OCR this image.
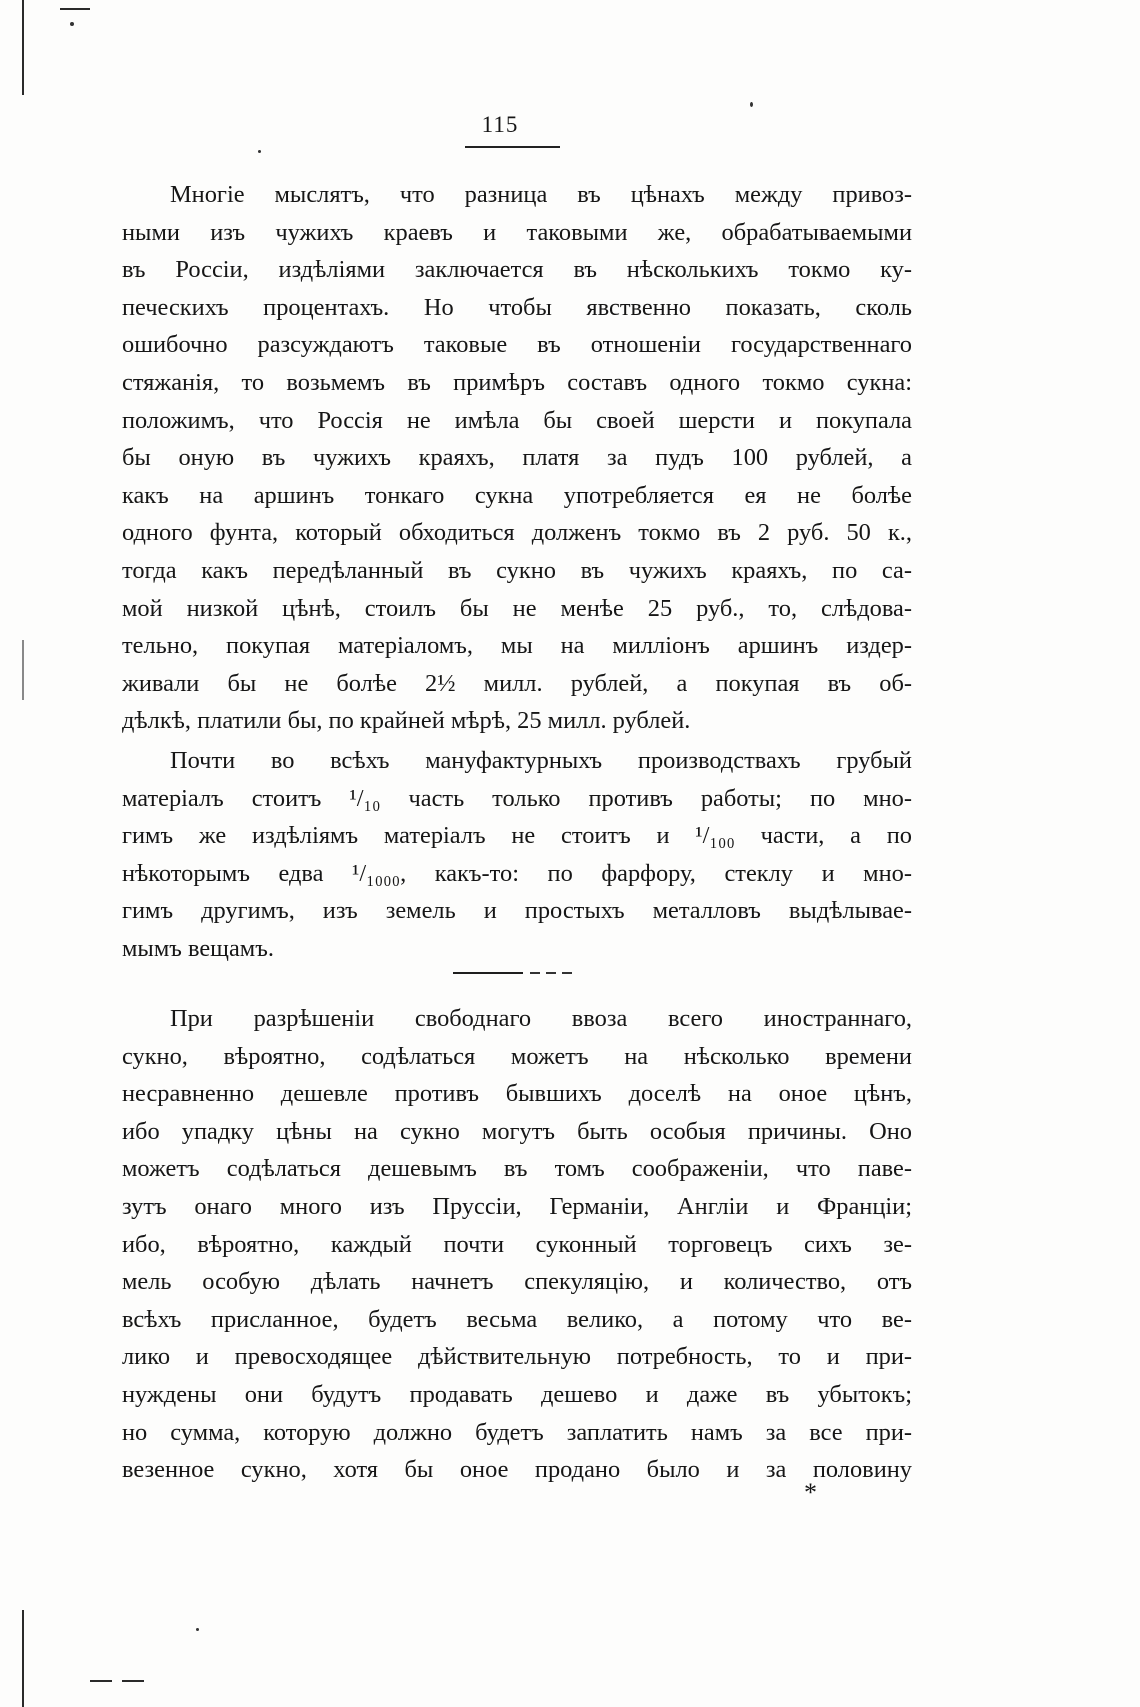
115
Многіе мыслятъ, что разница въ цѣнахъ между привоз-
ными изъ чужихъ краевъ и таковыми же, обрабатываемыми
въ Россіи, издѣліями заключается въ нѣсколькихъ токмо ку-
печескихъ процентахъ. Но чтобы явственно показать, сколь
ошибочно разсуждаютъ таковые въ отношеніи государственнаго
стяжанія, то возьмемъ въ примѣръ составъ одного токмо сукна:
положимъ, что Россія не имѣла бы своей шерсти и покупала
бы оную въ чужихъ краяхъ, платя за пудъ 100 рублей, а
какъ на аршинъ тонкаго сукна употребляется ея не болѣе
одного фунта, который обходиться долженъ токмо въ 2 руб. 50 к.,
тогда какъ передѣланный въ сукно въ чужихъ краяхъ, по са-
мой низкой цѣнѣ, стоилъ бы не менѣе 25 руб., то, слѣдова-
тельно, покупая матеріаломъ, мы на милліонъ аршинъ издер-
живали бы не болѣе 2½ милл. рублей, а покупая въ об-
дѣлкѣ, платили бы, по крайней мѣрѣ, 25 милл. рублей.
Почти во всѣхъ мануфактурныхъ производствахъ грубый
матеріалъ стоитъ ¹/₁₀ часть только противъ работы; по мно-
гимъ же издѣліямъ матеріалъ не стоитъ и ¹/₁₀₀ части, а по
нѣкоторымъ едва ¹/₁₀₀₀, какъ-то: по фарфору, стеклу и мно-
гимъ другимъ, изъ земель и простыхъ металловъ выдѣлывае-
мымъ вещамъ.
При разрѣшеніи свободнаго ввоза всего иностраннаго,
сукно, вѣроятно, содѣлаться можетъ на нѣсколько времени
несравненно дешевле противъ бывшихъ доселѣ на оное цѣнъ,
ибо упадку цѣны на сукно могутъ быть особыя причины. Оно
можетъ содѣлаться дешевымъ въ томъ соображеніи, что паве-
зутъ онаго много изъ Пруссіи, Германіи, Англіи и Франціи;
ибо, вѣроятно, каждый почти суконный торговецъ сихъ зе-
мель особую дѣлать начнетъ спекуляцію, и количество, отъ
всѣхъ присланное, будетъ весьма велико, а потому что ве-
лико и превосходящее дѣйствительную потребность, то и при-
нуждены они будутъ продавать дешево и даже въ убытокъ;
но сумма, которую должно будетъ заплатить намъ за все при-
везенное сукно, хотя бы оное продано было и за половину
*
